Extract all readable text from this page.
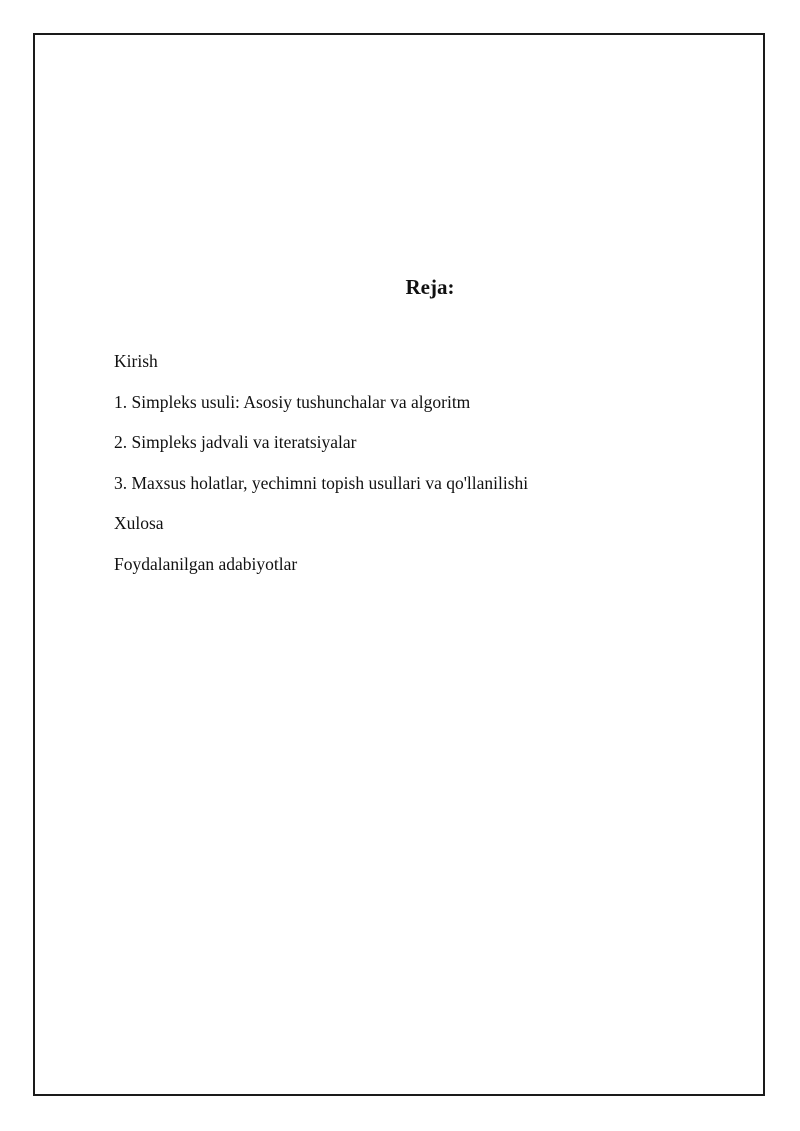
Reja:
Kirish
1. Simpleks usuli: Asosiy tushunchalar va algoritm
2. Simpleks jadvali va iteratsiyalar
3. Maxsus holatlar, yechimni topish usullari va qo'llanilishi
Xulosa
Foydalanilgan adabiyotlar
